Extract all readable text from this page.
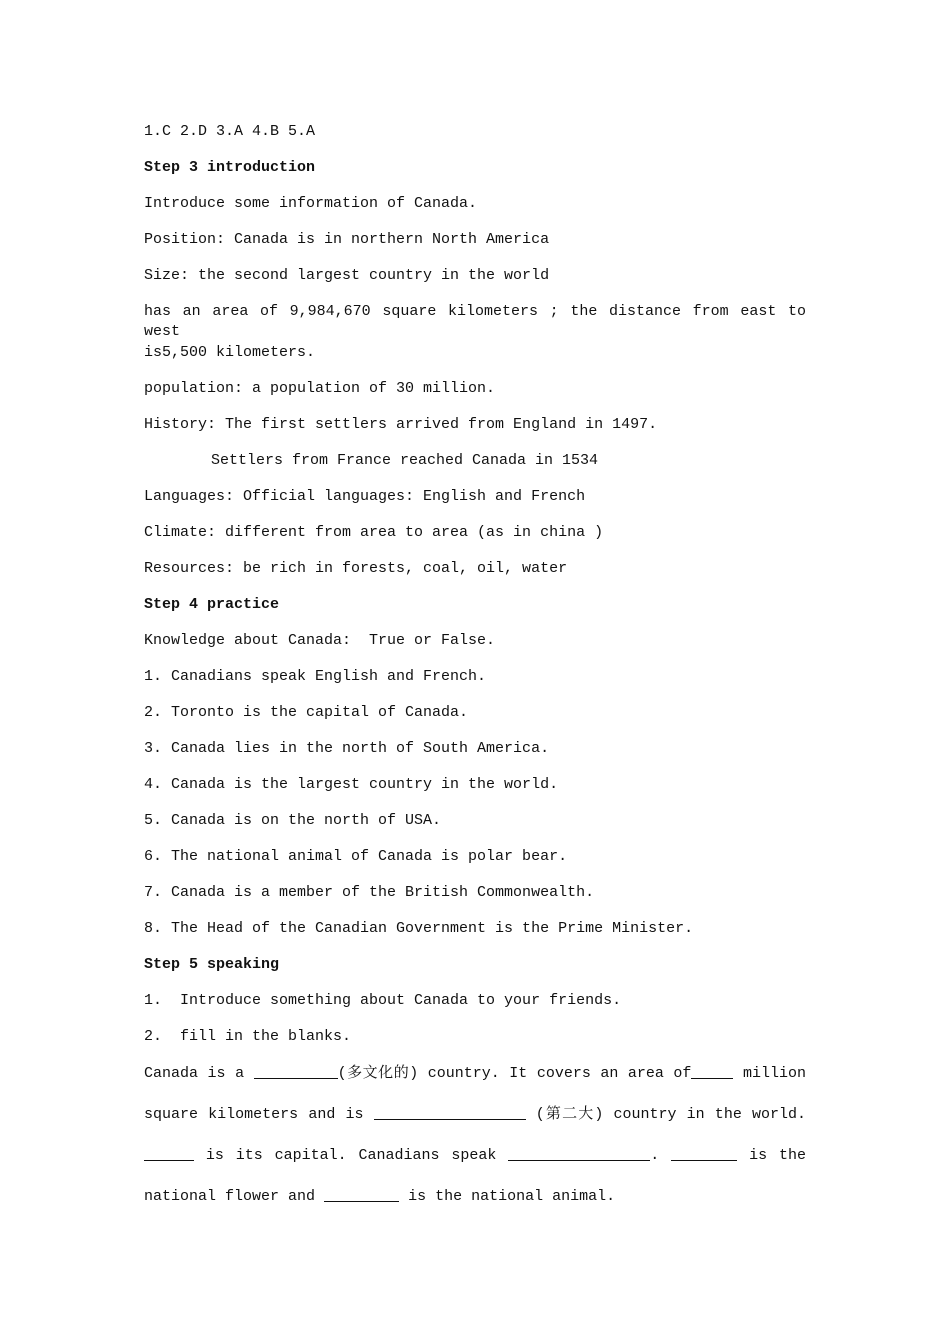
1.C 2.D 3.A 4.B 5.A
Step 3 introduction
Introduce some information of Canada.
Position: Canada is in northern North America
Size: the second largest country in the world
has an area of 9,984,670 square kilometers ; the distance from east to west
is5,500 kilometers.
population: a population of 30 million.
History: The first settlers arrived from England in 1497.
Settlers from France reached Canada in 1534
Languages: Official languages: English and French
Climate: different from area to area (as in china )
Resources: be rich in forests, coal, oil, water
Step 4 practice
Knowledge about Canada:  True or False.
1. Canadians speak English and French.
2. Toronto is the capital of Canada.
3. Canada lies in the north of South America.
4. Canada is the largest country in the world.
5. Canada is on the north of USA.
6. The national animal of Canada is polar bear.
7. Canada is a member of the British Commonwealth.
8. The Head of the Canadian Government is the Prime Minister.
Step 5 speaking
1.  Introduce something about Canada to your friends.
2.  fill in the blanks.
Canada is a	(多文化的) country. It covers an area of	million
square kilometers and is	(第二大) country in the world.
is its capital. Canadians speak	.	is the
national flower and	is the national animal.
